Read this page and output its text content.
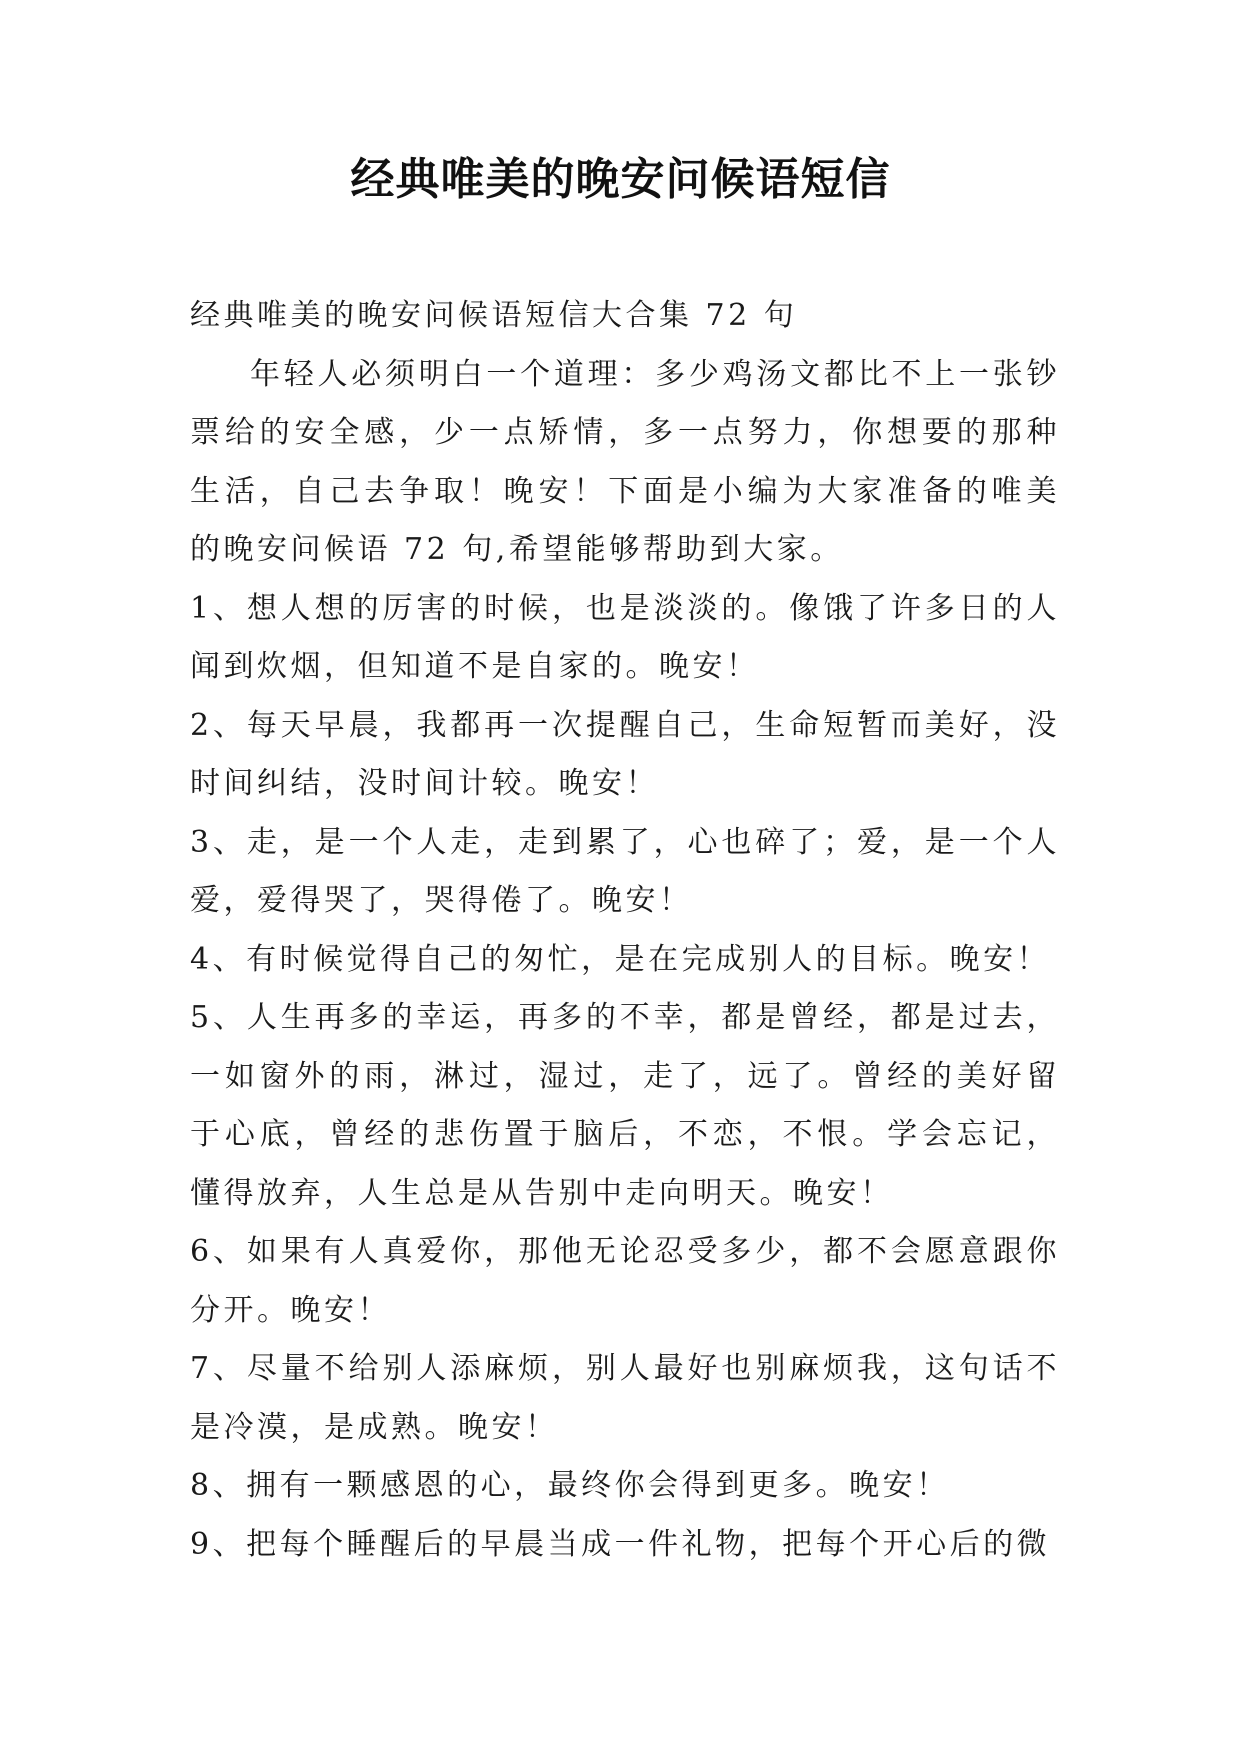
经典唯美的晚安问候语短信

经典唯美的晚安问候语短信大合集 72 句

年轻人必须明白一个道理：多少鸡汤文都比不上一张钞票给的安全感，少一点矫情，多一点努力，你想要的那种生活，自己去争取！晚安！下面是小编为大家准备的唯美的晚安问候语 72 句,希望能够帮助到大家。

1、想人想的厉害的时候，也是淡淡的。像饿了许多日的人闻到炊烟，但知道不是自家的。晚安！

2、每天早晨，我都再一次提醒自己，生命短暂而美好，没时间纠结，没时间计较。晚安！

3、走，是一个人走，走到累了，心也碎了；爱，是一个人爱，爱得哭了，哭得倦了。晚安！

4、有时候觉得自己的匆忙，是在完成别人的目标。晚安！

5、人生再多的幸运，再多的不幸，都是曾经，都是过去，一如窗外的雨，淋过，湿过，走了，远了。曾经的美好留于心底，曾经的悲伤置于脑后，不恋，不恨。学会忘记，懂得放弃，人生总是从告别中走向明天。晚安！

6、如果有人真爱你，那他无论忍受多少，都不会愿意跟你分开。晚安！

7、尽量不给别人添麻烦，别人最好也别麻烦我，这句话不是冷漠，是成熟。晚安！

8、拥有一颗感恩的心，最终你会得到更多。晚安！

9、把每个睡醒后的早晨当成一件礼物，把每个开心后的微
